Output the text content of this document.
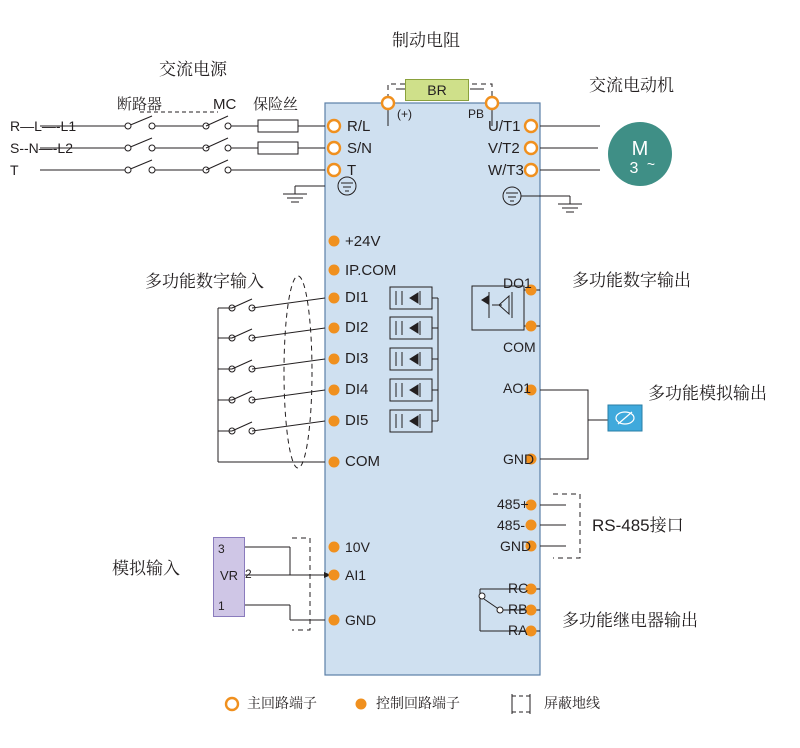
制动电阻
BR
(+)	PB
交流电源
断路器	MC 保险丝
交流电动机
R—L—-L1
S--N—-L2
T
R/L
S/N
T
U/T1
V/T2
W/T3
M
3 ~
+24V
IP.COM
DI1
DI2
DI3
DI4
DI5
COM
10V
AI1
GND
DO1
COM
AO1
GND
485+
485-
GND
RC
RB
RA
多功能数字输入	多功能数字输出
多功能模拟输出
RS-485接口
多功能继电器输出
模拟输入	VR
3
2
1
主回路端子	控制回路端子	屏蔽地线
